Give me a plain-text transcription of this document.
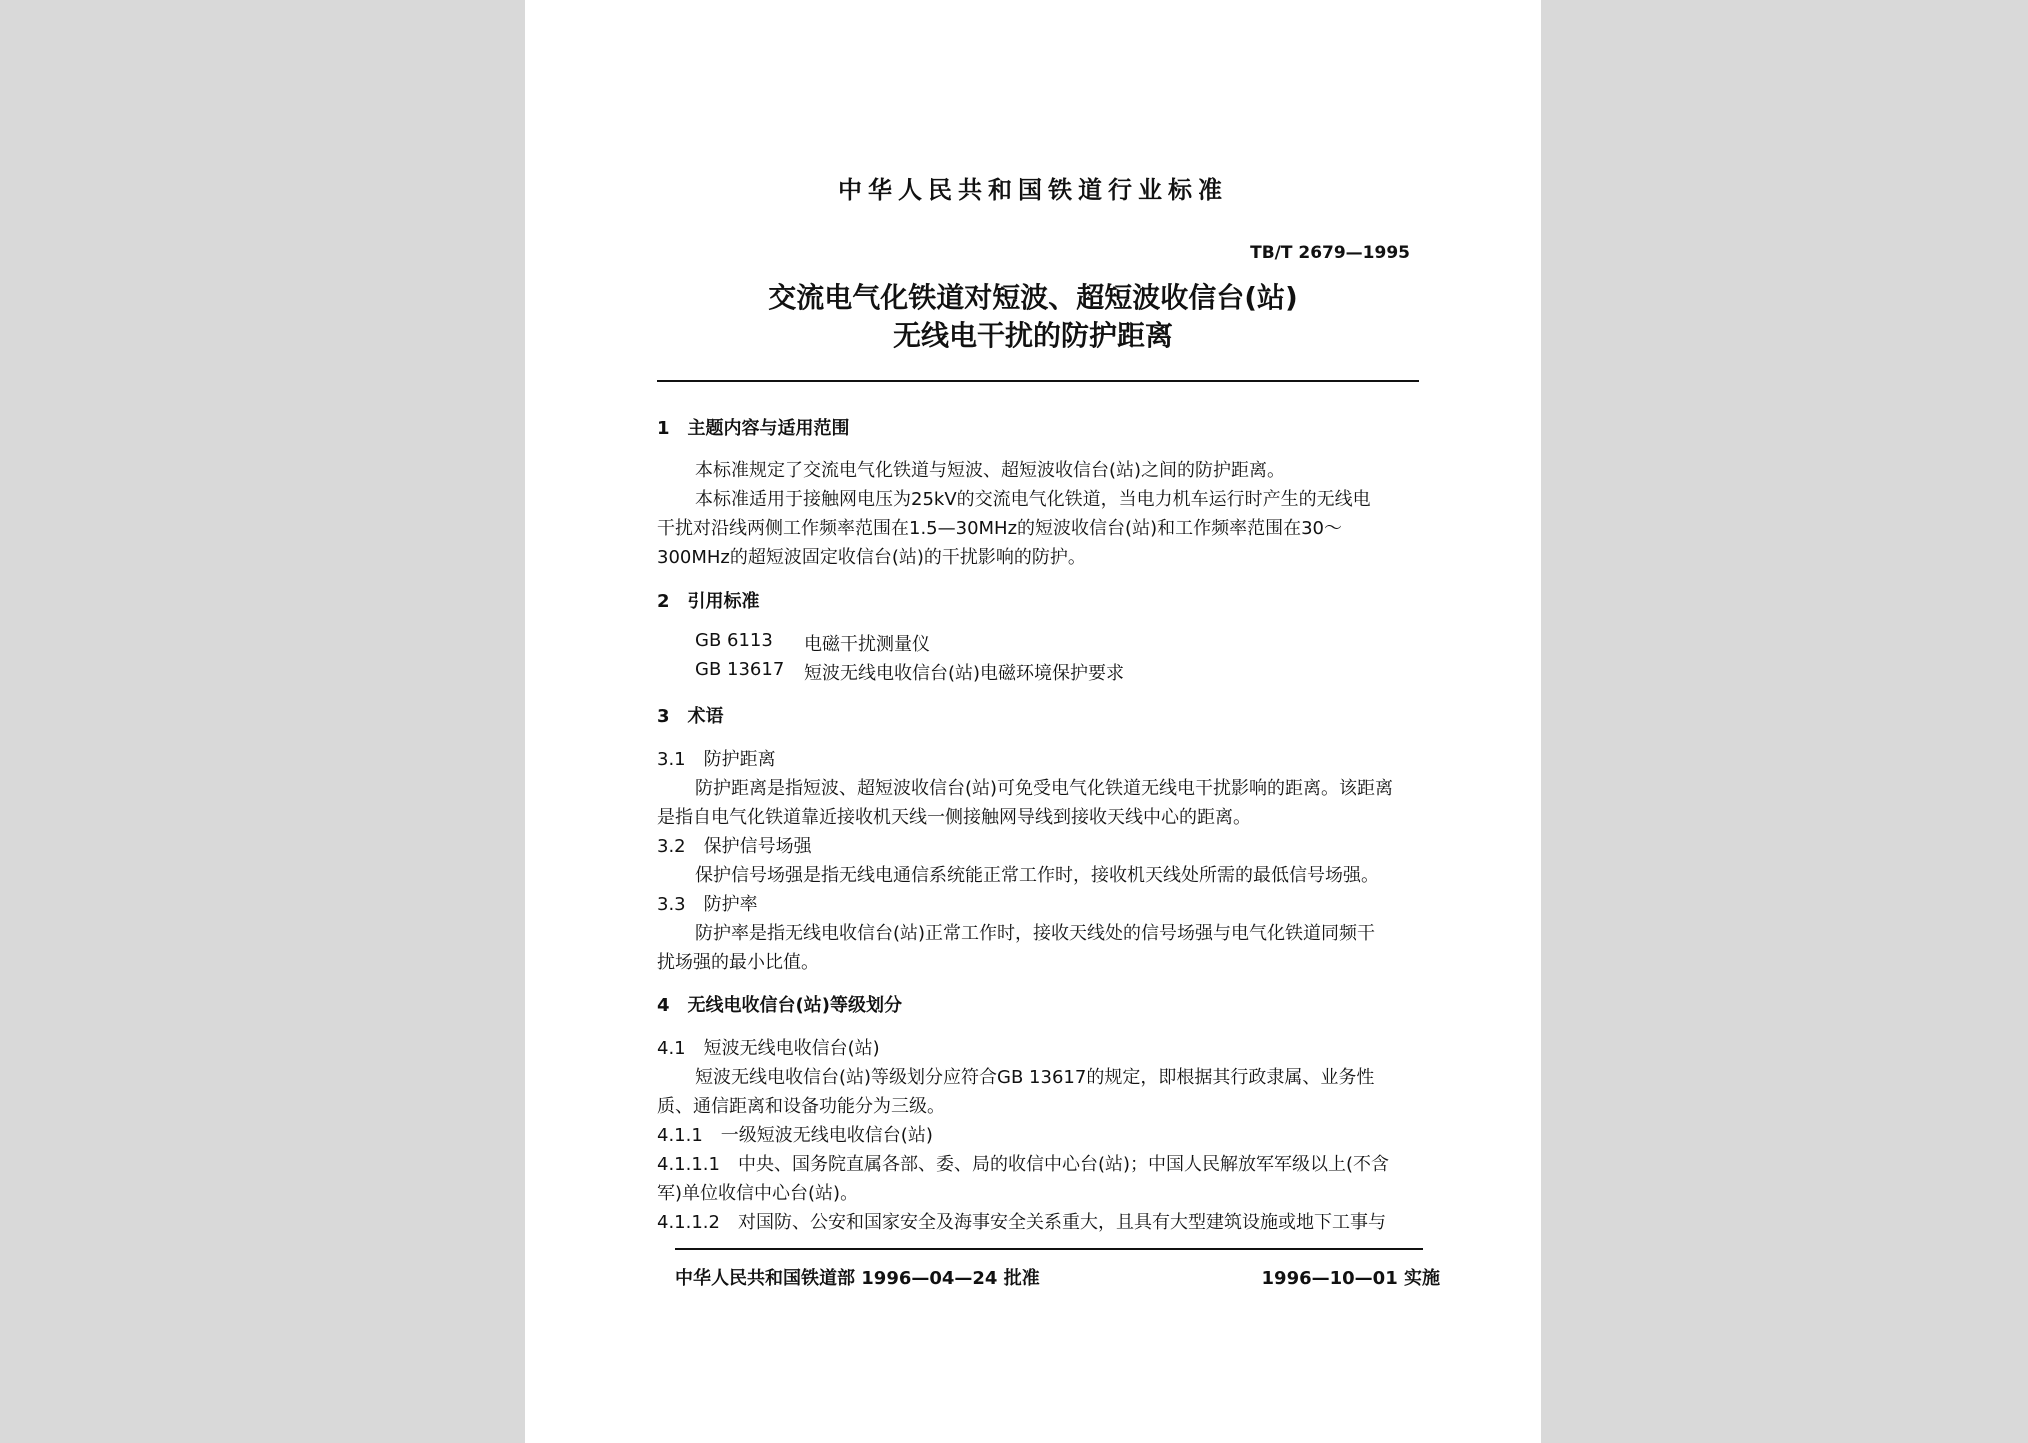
中华人民共和国铁道行业标准
TB/T 2679—1995
交流电气化铁道对短波、超短波收信台(站)
无线电干扰的防护距离
1　主题内容与适用范围
本标准规定了交流电气化铁道与短波、超短波收信台(站)之间的防护距离。
本标准适用于接触网电压为25kV的交流电气化铁道，当电力机车运行时产生的无线电
干扰对沿线两侧工作频率范围在1.5—30MHz的短波收信台(站)和工作频率范围在30～
300MHz的超短波固定收信台(站)的干扰影响的防护。
2　引用标准
GB 6113 电磁干扰测量仪
GB 13617 短波无线电收信台(站)电磁环境保护要求
3　术语
3.1　防护距离
防护距离是指短波、超短波收信台(站)可免受电气化铁道无线电干扰影响的距离。该距离
是指自电气化铁道靠近接收机天线一侧接触网导线到接收天线中心的距离。
3.2　保护信号场强
保护信号场强是指无线电通信系统能正常工作时，接收机天线处所需的最低信号场强。
3.3　防护率
防护率是指无线电收信台(站)正常工作时，接收天线处的信号场强与电气化铁道同频干
扰场强的最小比值。
4　无线电收信台(站)等级划分
4.1　短波无线电收信台(站)
短波无线电收信台(站)等级划分应符合GB 13617的规定，即根据其行政隶属、业务性
质、通信距离和设备功能分为三级。
4.1.1　一级短波无线电收信台(站)
4.1.1.1　中央、国务院直属各部、委、局的收信中心台(站)；中国人民解放军军级以上(不含
军)单位收信中心台(站)。
4.1.1.2　对国防、公安和国家安全及海事安全关系重大，且具有大型建筑设施或地下工事与
中华人民共和国铁道部 1996—04—24 批准	1996—10—01 实施
